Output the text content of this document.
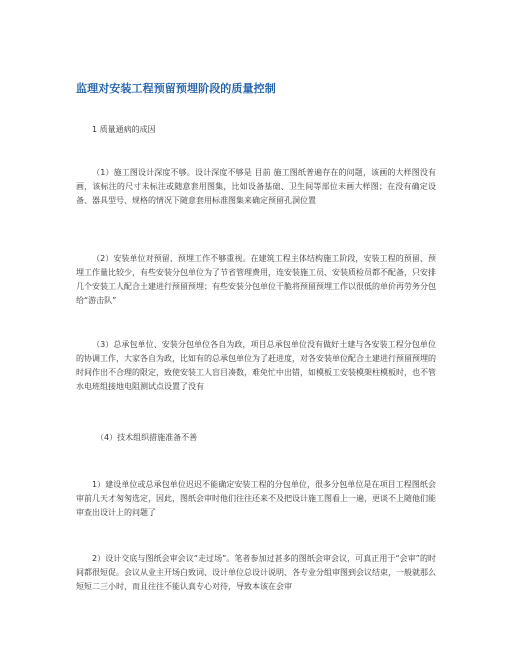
监理对安装工程预留预埋阶段的质量控制
1 质量通病的成因
（1）施工图设计深度不够。设计深度不够是 目前 施工图纸普遍存在的问题，该画的大样图没有画，该标注的尺寸未标注或随意套用图集，比如设备基础、卫生间等部位未画大样图；在没有确定设备、器具型号、规格的情况下随意套用标准图集来确定预留孔洞位置
（2）安装单位对预留、预埋工作不够重视。在建筑工程主体结构施工阶段，安装工程的预留、预埋工作量比较少，有些安装分包单位为了节省管理费用，连安装施工员、安装质检员都不配备，只安排几个安装工人配合土建进行预留预埋；有些安装分包单位干脆将预留预埋工作以很低的单价再劳务分包给“游击队”
（3）总承包单位、安装分包单位各自为政，项目总承包单位没有做好土建与各安装工程分包单位的协调工作，大家各自为政，比如有的总承包单位为了赶进度，对各安装单位配合土建进行预留预埋的时间作出不合理的限定，致使安装工人盲目凑数，难免忙中出错，如模板工安装模架柱模板时，也不管水电班组接地电阻测试点设置了没有
（4）技术组织措施准备不善
1）建设单位或总承包单位迟迟不能确定安装工程的分包单位，很多分包单位是在项目工程图纸会审前几天才匆匆选定，因此，图纸会审时他们往往还来不及把设计施工图看上一遍，更谈不上随他们能审查出设计上的问题了
2）设计交底与图纸会审会议“走过场”。笔者参加过甚多的图纸会审会议，可真正用于“会审”的时间都很短促。会议从业主开场白致词、设计单位总设计说明、各专业分组审图到会议结束，一般就那么短短二三小时，而且往往不能认真专心对待，导致本该在会审
